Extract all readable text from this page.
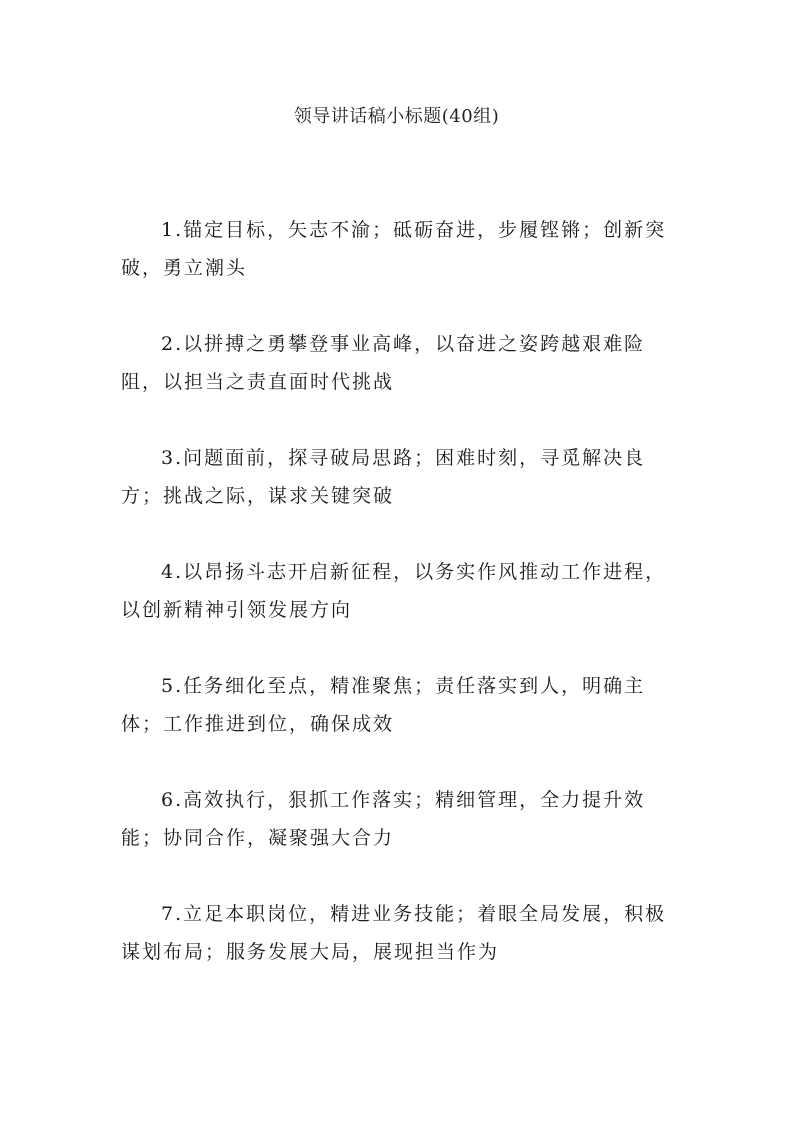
领导讲话稿小标题(40组)

1.锚定目标，矢志不渝；砥砺奋进，步履铿锵；创新突破，勇立潮头

2.以拼搏之勇攀登事业高峰，以奋进之姿跨越艰难险阻，以担当之责直面时代挑战

3.问题面前，探寻破局思路；困难时刻，寻觅解决良方；挑战之际，谋求关键突破

4.以昂扬斗志开启新征程，以务实作风推动工作进程，以创新精神引领发展方向

5.任务细化至点，精准聚焦；责任落实到人，明确主体；工作推进到位，确保成效

6.高效执行，狠抓工作落实；精细管理，全力提升效能；协同合作，凝聚强大合力

7.立足本职岗位，精进业务技能；着眼全局发展，积极谋划布局；服务发展大局，展现担当作为
